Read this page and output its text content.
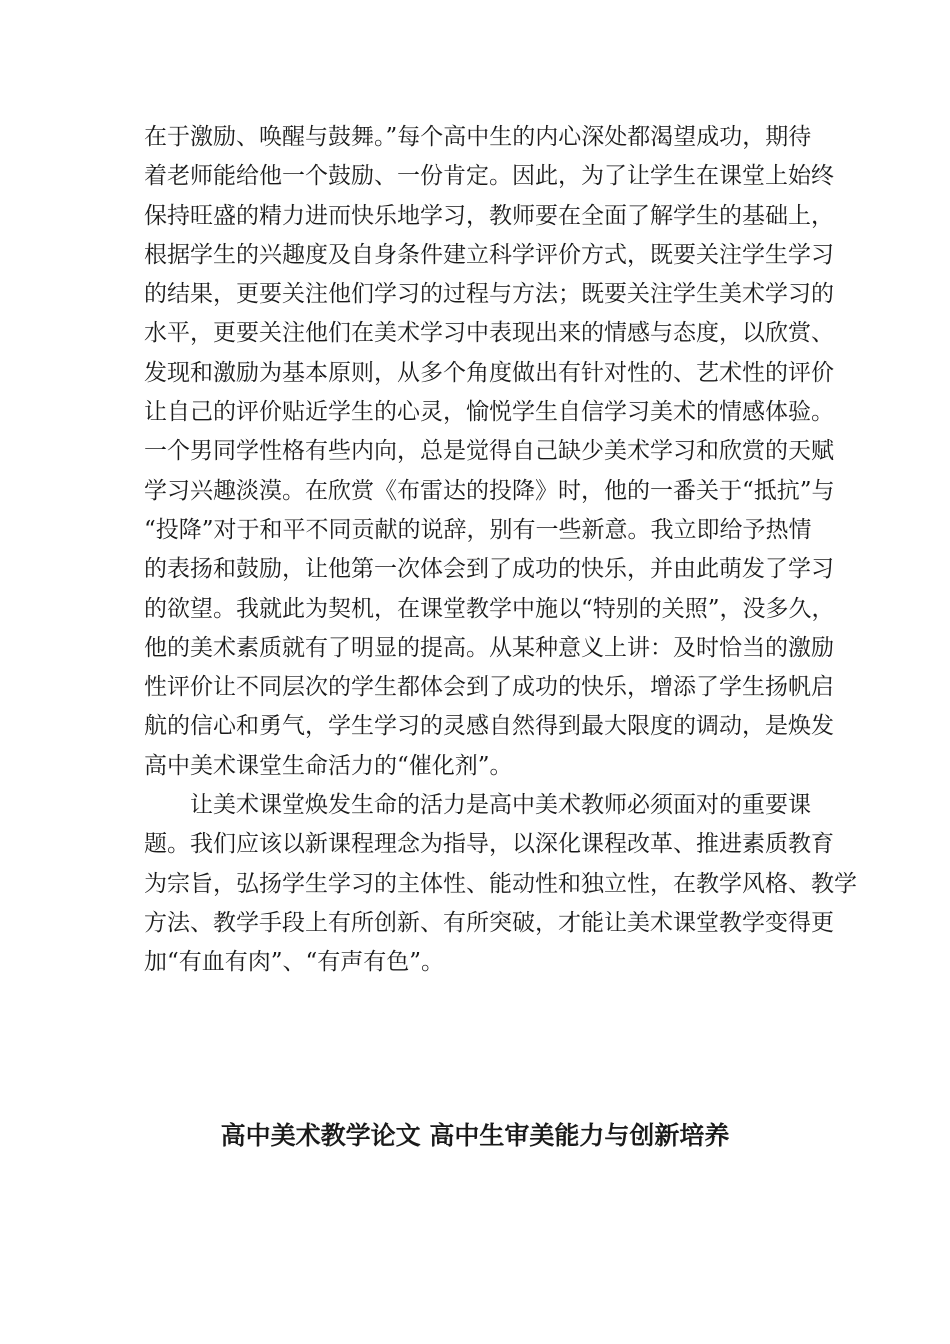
在于激励、唤醒与鼓舞。”每个高中生的内心深处都渴望成功，期待
着老师能给他一个鼓励、一份肯定。因此，为了让学生在课堂上始终
保持旺盛的精力进而快乐地学习，教师要在全面了解学生的基础上，
根据学生的兴趣度及自身条件建立科学评价方式，既要关注学生学习
的结果，更要关注他们学习的过程与方法；既要关注学生美术学习的
水平，更要关注他们在美术学习中表现出来的情感与态度，以欣赏、
发现和激励为基本原则，从多个角度做出有针对性的、艺术性的评价
让自己的评价贴近学生的心灵，愉悦学生自信学习美术的情感体验。
一个男同学性格有些内向，总是觉得自己缺少美术学习和欣赏的天赋
学习兴趣淡漠。在欣赏《布雷达的投降》时，他的一番关于“抵抗”与
“投降”对于和平不同贡献的说辞，别有一些新意。我立即给予热情
的表扬和鼓励，让他第一次体会到了成功的快乐，并由此萌发了学习
的欲望。我就此为契机，在课堂教学中施以“特别的关照”，没多久，
他的美术素质就有了明显的提高。从某种意义上讲：及时恰当的激励
性评价让不同层次的学生都体会到了成功的快乐，增添了学生扬帆启
航的信心和勇气，学生学习的灵感自然得到最大限度的调动，是焕发
高中美术课堂生命活力的“催化剂”。
让美术课堂焕发生命的活力是高中美术教师必须面对的重要课
题。我们应该以新课程理念为指导，以深化课程改革、推进素质教育
为宗旨，弘扬学生学习的主体性、能动性和独立性，在教学风格、教学
方法、教学手段上有所创新、有所突破，才能让美术课堂教学变得更
加“有血有肉”、“有声有色”。
高中美术教学论文 高中生审美能力与创新培养
